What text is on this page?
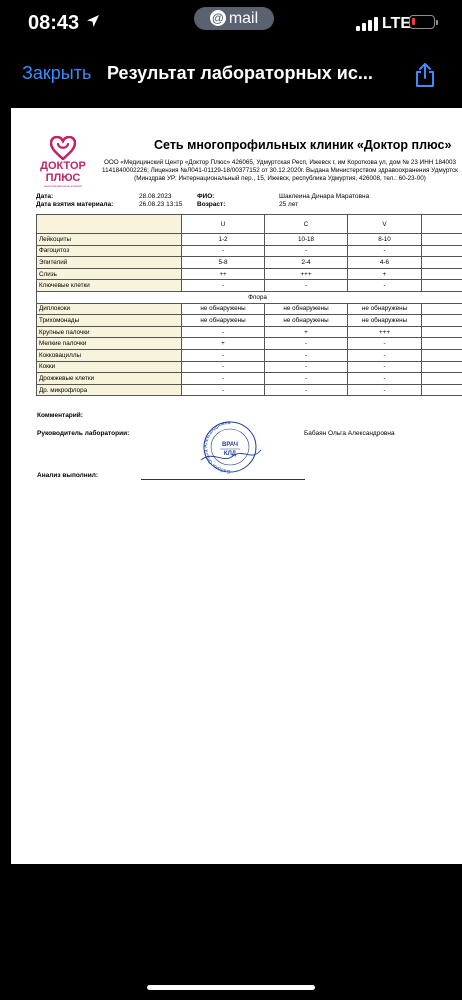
08:43	@ mail	LTE
Закрыть Результат лабораторных ис...
ДОКТОР
ПЛЮС
многопрофильные клиники
Сеть многопрофильных клиник «Доктор плюс»
ООО «Медицинский Центр «Доктор Плюс» 426065, Удмуртская Респ, Ижевск г, им Короткова ул, дом № 23 ИНН 184003
1141840002226; Лицензия №Л041-01129-18/00377152 от 30.12.2020г. Выдана Министерством здравоохранения Удмуртск
(Минздрав УР: Интернациональный пер., 15, Ижевск, республика Удмуртия, 426008, тел.: 60-23-00)
Дата:	28.08.2023
Дата взятия материала:	26.08.23 13:15
ФИО:	Шаклеина Динара Маратовна
Возраст:	25 лет
	U	C	V	
Лейкоциты	1-2	10-18	8-10	
Фагоцитоз	-	-	-	
Эпителий	5-8	2-4	4-6	
Слизь	++	+++	+	
Ключевые клетки	-	-	-	
Флора				
Диплококи	не обнаружены	не обнаружены	не обнаружены	
Трихомонады	не обнаружены	не обнаружены	не обнаружены	
Крупные палочки	-	+	+++	
Мелкие палочки	+	-	-	
Кокковациллы	-	-	-	
Кокки	-	-	-	
Дрожжевые клетки	-	-	-	
Др. микрофлора	-	-	-	
Комментарий:
Руководитель лаборатории:	Бабаян Ольга Александровна
Анализ выполнил:
Бабаян Ольга Александровна
ВРАЧ
КЛД
